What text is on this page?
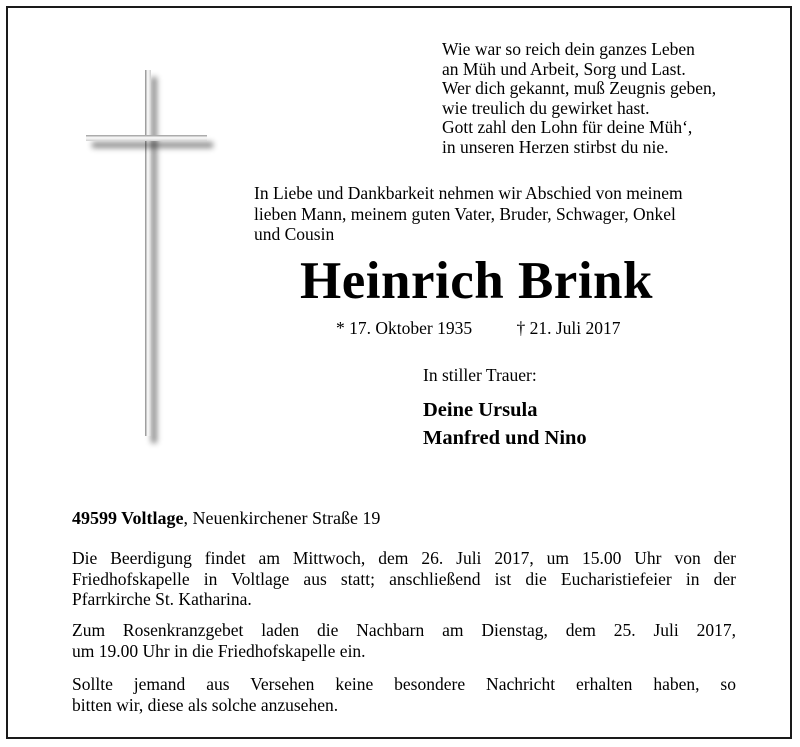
Wie war so reich dein ganzes Leben
an Müh und Arbeit, Sorg und Last.
Wer dich gekannt, muß Zeugnis geben,
wie treulich du gewirket hast.
Gott zahl den Lohn für deine Müh‘,
in unseren Herzen stirbst du nie.
In Liebe und Dankbarkeit nehmen wir Abschied von meinem
lieben Mann, meinem guten Vater, Bruder, Schwager, Onkel
und Cousin
Heinrich Brink
* 17. Oktober 1935	† 21. Juli 2017
In stiller Trauer:
Deine Ursula
Manfred und Nino
49599 Voltlage, Neuenkirchener Straße 19
Die Beerdigung findet am Mittwoch, dem 26. Juli 2017, um 15.00 Uhr von der
Friedhofskapelle in Voltlage aus statt; anschließend ist die Eucharistiefeier in der
Pfarrkirche St. Katharina.
Zum Rosenkranzgebet laden die Nachbarn am Dienstag, dem 25. Juli 2017,
um 19.00 Uhr in die Friedhofskapelle ein.
Sollte jemand aus Versehen keine besondere Nachricht erhalten haben, so
bitten wir, diese als solche anzusehen.
